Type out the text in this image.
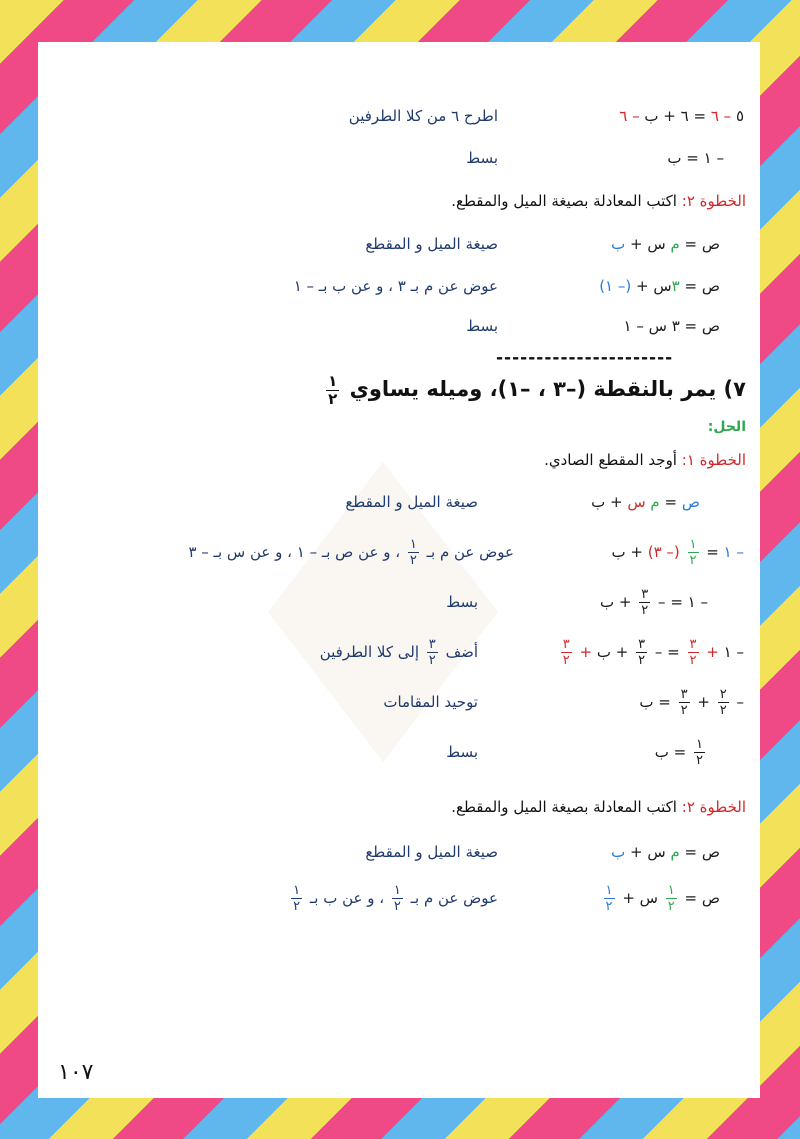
٥ – ٦ = ٦ + ب – ٦
اطرح ٦ من كلا الطرفين
– ١ = ب
بسط
الخطوة ٢: اكتب المعادلة بصيغة الميل والمقطع.
ص = م س + ب
صيغة الميل و المقطع
ص = ٣س + (– ١)
عوض عن م بـ ٣ ، و عن ب بـ – ١
ص = ٣ س – ١
بسط
----------------------
٧) يمر بالنقطة (–٣ ، –١)، وميله يساوي
$\frac{١}{٢}$
الحل:
الخطوة ١: أوجد المقطع الصادي.
ص = م س + ب
صيغة الميل و المقطع
– ١ =
$\frac{١}{٢}$
(– ٣) + ب
عوض عن م بـ
$\frac{١}{٢}$
، و عن ص بـ – ١ ، و عن س بـ – ٣
– ١ = –
$\frac{٣}{٢}$
+ ب
بسط
– ١ +
$\frac{٣}{٢}$
= –
$\frac{٣}{٢}$
+ ب +
$\frac{٣}{٢}$
أضف
$\frac{٣}{٢}$
إلى كلا الطرفين
–
$\frac{٢}{٢}$
+
$\frac{٣}{٢}$
= ب
توحيد المقامات
$\frac{١}{٢}$
= ب
بسط
الخطوة ٢: اكتب المعادلة بصيغة الميل والمقطع.
ص = م س + ب
صيغة الميل و المقطع
ص =
$\frac{١}{٢}$
س +
$\frac{١}{٢}$
عوض عن م بـ
$\frac{١}{٢}$
، و عن ب بـ
$\frac{١}{٢}$
١٠٧
